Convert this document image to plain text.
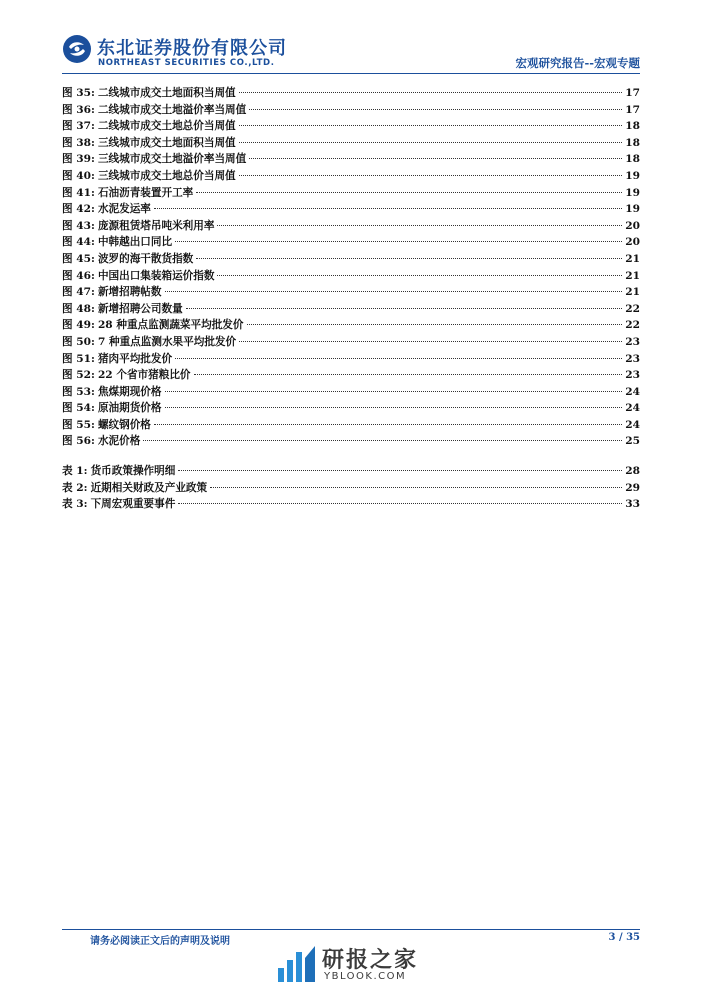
东北证券股份有限公司
NORTHEAST SECURITIES CO.,LTD.	宏观研究报告--宏观专题
图 35: 二线城市成交土地面积当周值	17
图 36: 二线城市成交土地溢价率当周值	17
图 37: 二线城市成交土地总价当周值	18
图 38: 三线城市成交土地面积当周值	18
图 39: 三线城市成交土地溢价率当周值	18
图 40: 三线城市成交土地总价当周值	19
图 41: 石油沥青装置开工率	19
图 42: 水泥发运率	19
图 43: 庞源租赁塔吊吨米利用率	20
图 44: 中韩越出口同比	20
图 45: 波罗的海干散货指数	21
图 46: 中国出口集装箱运价指数	21
图 47: 新增招聘帖数	21
图 48: 新增招聘公司数量	22
图 49: 28 种重点监测蔬菜平均批发价	22
图 50: 7 种重点监测水果平均批发价	23
图 51: 猪肉平均批发价	23
图 52: 22 个省市猪粮比价	23
图 53: 焦煤期现价格	24
图 54: 原油期货价格	24
图 55: 螺纹钢价格	24
图 56: 水泥价格	25
表 1: 货币政策操作明细	28
表 2: 近期相关财政及产业政策	29
表 3: 下周宏观重要事件	33
请务必阅读正文后的声明及说明	3 / 35
研报之家
YBLOOK.COM
